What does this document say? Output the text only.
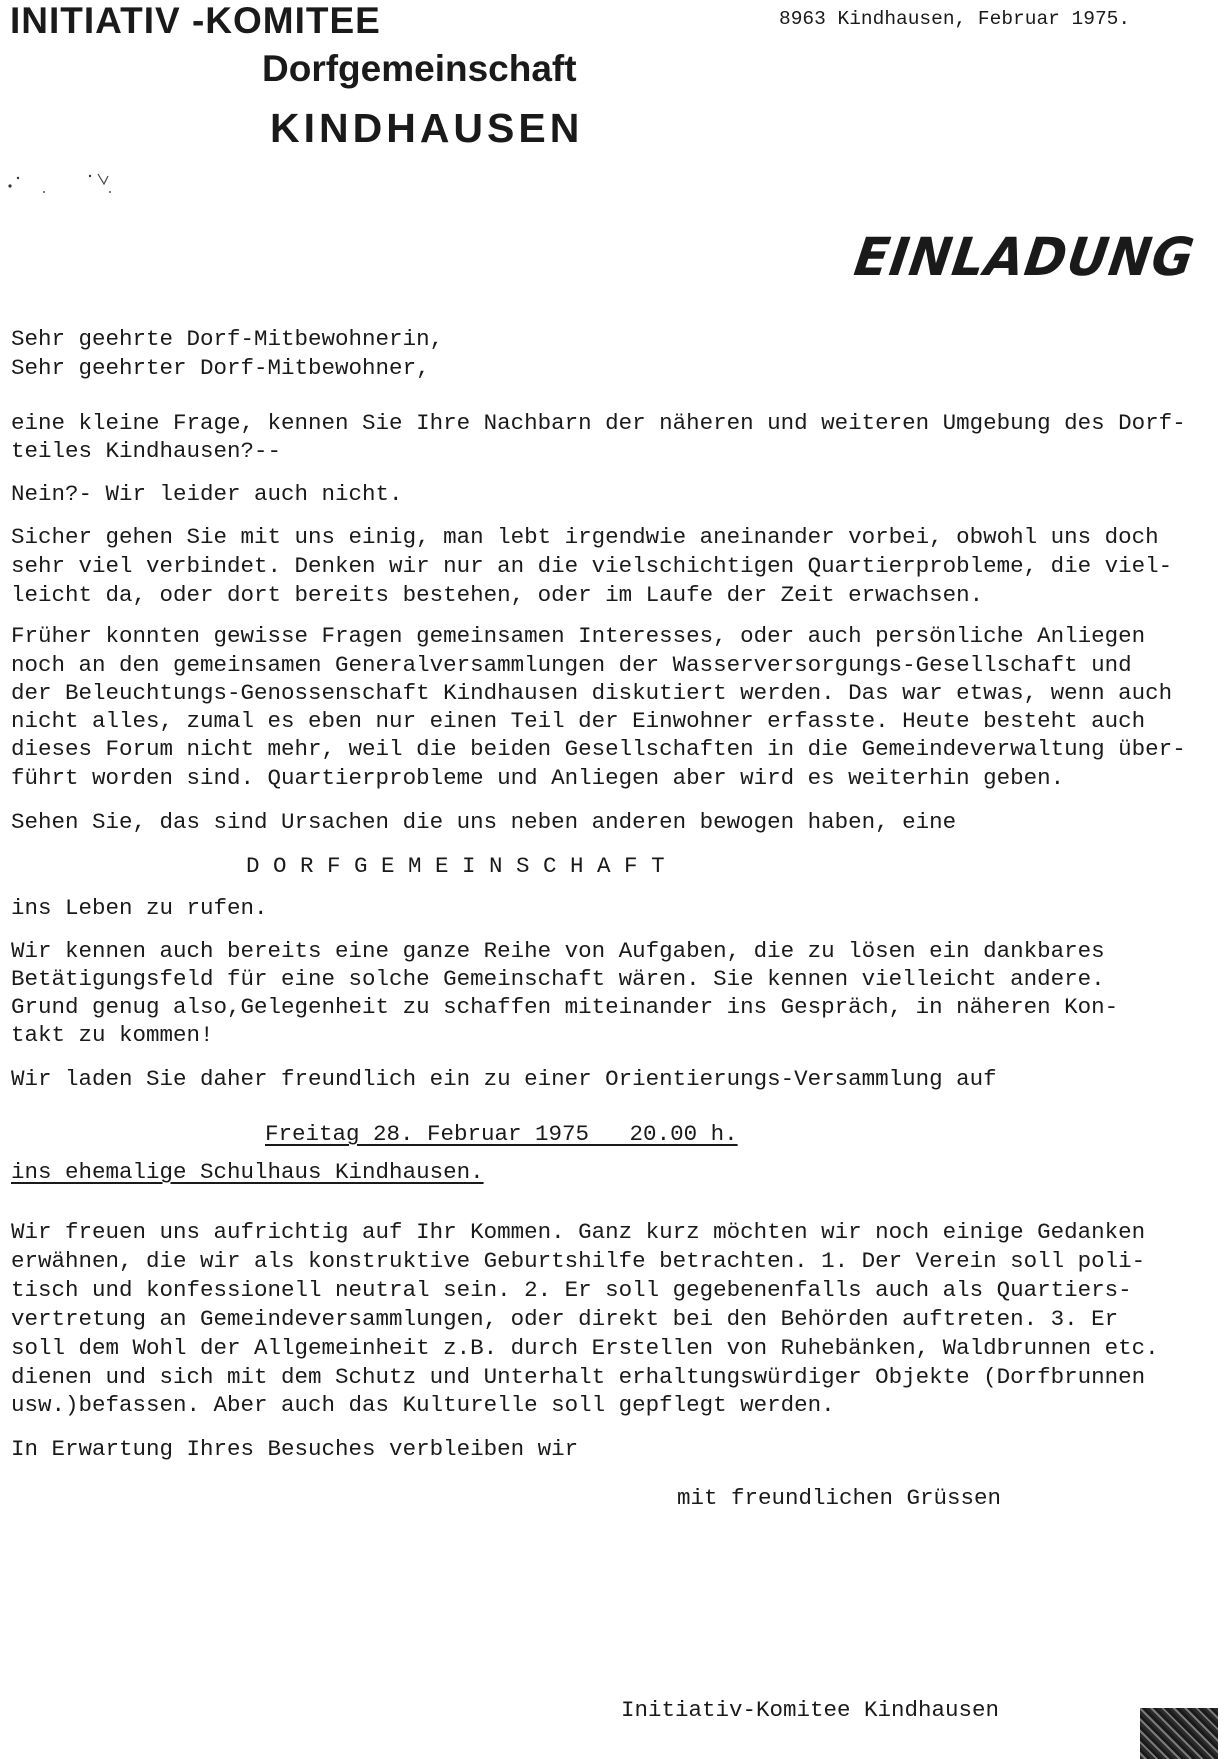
INITIATIV -KOMITEE
Dorfgemeinschaft
KINDHAUSEN
8963 Kindhausen, Februar 1975.
EINLADUNG
Sehr geehrte Dorf-Mitbewohnerin,
Sehr geehrter Dorf-Mitbewohner,
eine kleine Frage, kennen Sie Ihre Nachbarn der näheren und weiteren Umgebung des Dorf-
teiles Kindhausen?--
Nein?- Wir leider auch nicht.
Sicher gehen Sie mit uns einig, man lebt irgendwie aneinander vorbei, obwohl uns doch
sehr viel verbindet. Denken wir nur an die vielschichtigen Quartierprobleme, die viel-
leicht da, oder dort bereits bestehen, oder im Laufe der Zeit erwachsen.
Früher konnten gewisse Fragen gemeinsamen Interesses, oder auch persönliche Anliegen
noch an den gemeinsamen Generalversammlungen der Wasserversorgungs-Gesellschaft und
der Beleuchtungs-Genossenschaft Kindhausen diskutiert werden. Das war etwas, wenn auch
nicht alles, zumal es eben nur einen Teil der Einwohner erfasste. Heute besteht auch
dieses Forum nicht mehr, weil die beiden Gesellschaften in die Gemeindeverwaltung über-
führt worden sind. Quartierprobleme und Anliegen aber wird es weiterhin geben.
Sehen Sie, das sind Ursachen die uns neben anderen bewogen haben, eine
D O R F G E M E I N S C H A F T
ins Leben zu rufen.
Wir kennen auch bereits eine ganze Reihe von Aufgaben, die zu lösen ein dankbares
Betätigungsfeld für eine solche Gemeinschaft wären. Sie kennen vielleicht andere.
Grund genug also,Gelegenheit zu schaffen miteinander ins Gespräch, in näheren Kon-
takt zu kommen!
Wir laden Sie daher freundlich ein zu einer Orientierungs-Versammlung auf
Freitag 28. Februar 1975   20.00 h.
ins ehemalige Schulhaus Kindhausen.
Wir freuen uns aufrichtig auf Ihr Kommen. Ganz kurz möchten wir noch einige Gedanken
erwähnen, die wir als konstruktive Geburtshilfe betrachten. 1. Der Verein soll poli-
tisch und konfessionell neutral sein. 2. Er soll gegebenenfalls auch als Quartiers-
vertretung an Gemeindeversammlungen, oder direkt bei den Behörden auftreten. 3. Er
soll dem Wohl der Allgemeinheit z.B. durch Erstellen von Ruhebänken, Waldbrunnen etc.
dienen und sich mit dem Schutz und Unterhalt erhaltungswürdiger Objekte (Dorfbrunnen
usw.)befassen. Aber auch das Kulturelle soll gepflegt werden.
In Erwartung Ihres Besuches verbleiben wir
mit freundlichen Grüssen
Initiativ-Komitee Kindhausen
